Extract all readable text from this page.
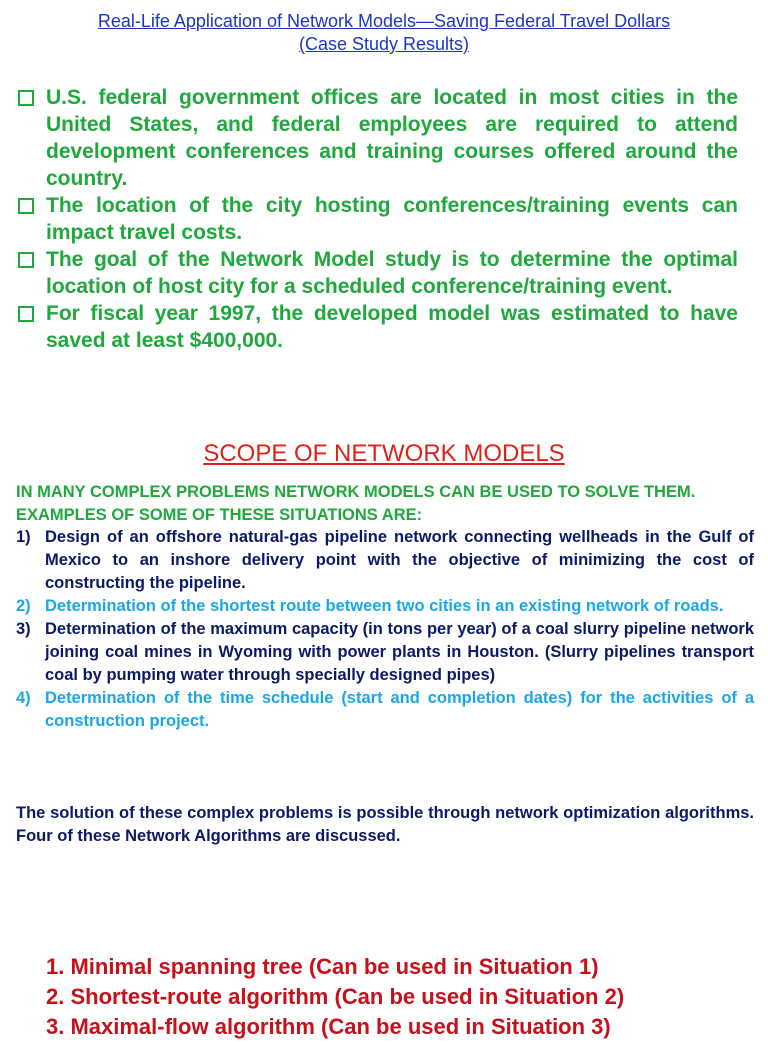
Real-Life Application of Network Models—Saving Federal Travel Dollars
(Case Study Results)
U.S. federal government offices are located in most cities in the United States, and federal employees are required to attend development conferences and training courses offered around the country.
The location of the city hosting conferences/training events can impact travel costs.
The goal of the Network Model study is to determine the optimal location of host city for a scheduled conference/training event.
For fiscal year 1997, the developed model was estimated to have saved at least $400,000.
SCOPE OF NETWORK MODELS
IN MANY COMPLEX PROBLEMS NETWORK MODELS CAN BE USED TO SOLVE THEM. EXAMPLES OF SOME OF THESE SITUATIONS ARE:
1) Design of an offshore natural-gas pipeline network connecting wellheads in the Gulf of Mexico to an inshore delivery point with the objective of minimizing the cost of constructing the pipeline.
2) Determination of the shortest route between two cities in an existing network of roads.
3) Determination of the maximum capacity (in tons per year) of a coal slurry pipeline network joining coal mines in Wyoming with power plants in Houston. (Slurry pipelines transport coal by pumping water through specially designed pipes)
4) Determination of the time schedule (start and completion dates) for the activities of a construction project.
The solution of these complex problems is possible through network optimization algorithms. Four of these Network Algorithms are discussed.
1. Minimal spanning tree (Can be used in Situation 1)
2. Shortest-route algorithm (Can be used in Situation 2)
3. Maximal-flow algorithm (Can be used in Situation 3)
